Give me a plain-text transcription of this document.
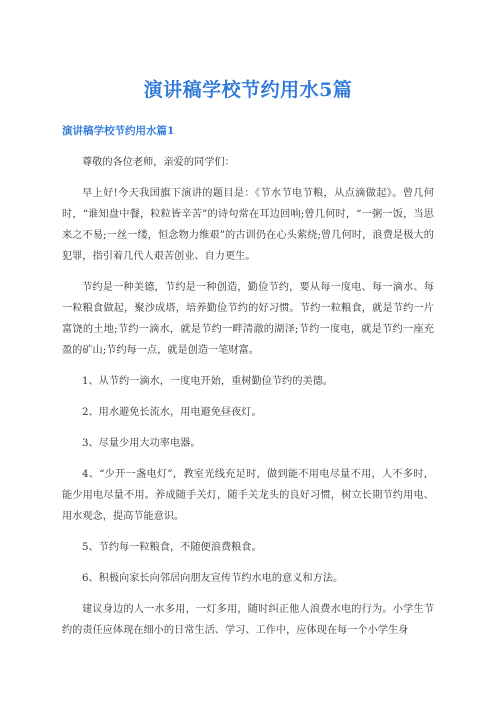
演讲稿学校节约用水5篇
演讲稿学校节约用水篇1

尊敬的各位老师，亲爱的同学们：

早上好!今天我国旗下演讲的题目是：《节水节电节粮，从点滴做起》。曾几何时，“谁知盘中餐，粒粒皆辛苦”的诗句常在耳边回响;曾几何时，“一粥一饭，当思来之不易;一丝一缕，恒念物力维艰”的古训仍在心头萦绕;曾几何时，浪费是极大的犯罪，指引着几代人艰苦创业、自力更生。

节约是一种美德，节约是一种创造，勤俭节约，要从每一度电、每一滴水、每一粒粮食做起，聚沙成塔，培养勤俭节约的好习惯。节约一粒粮食，就是节约一片富饶的土地;节约一滴水，就是节约一畔清澈的湖泽;节约一度电，就是节约一座充盈的矿山;节约每一点，就是创造一笔财富。

1、从节约一滴水，一度电开始，重树勤俭节约的美德。

2、用水避免长流水，用电避免昼夜灯。

3、尽量少用大功率电器。

4、“少开一盏电灯”，教室光线充足时，做到能不用电尽量不用，人不多时，能少用电尽量不用。养成随手关灯，随手关龙头的良好习惯，树立长期节约用电、用水观念，提高节能意识。

5、节约每一粒粮食，不随便浪费粮食。

6、积极向家长向邻居向朋友宣传节约水电的意义和方法。

建议身边的人一水多用，一灯多用，随时纠正他人浪费水电的行为。小学生节约的责任应体现在细小的日常生活、学习、工作中，应体现在每一个小学生身
